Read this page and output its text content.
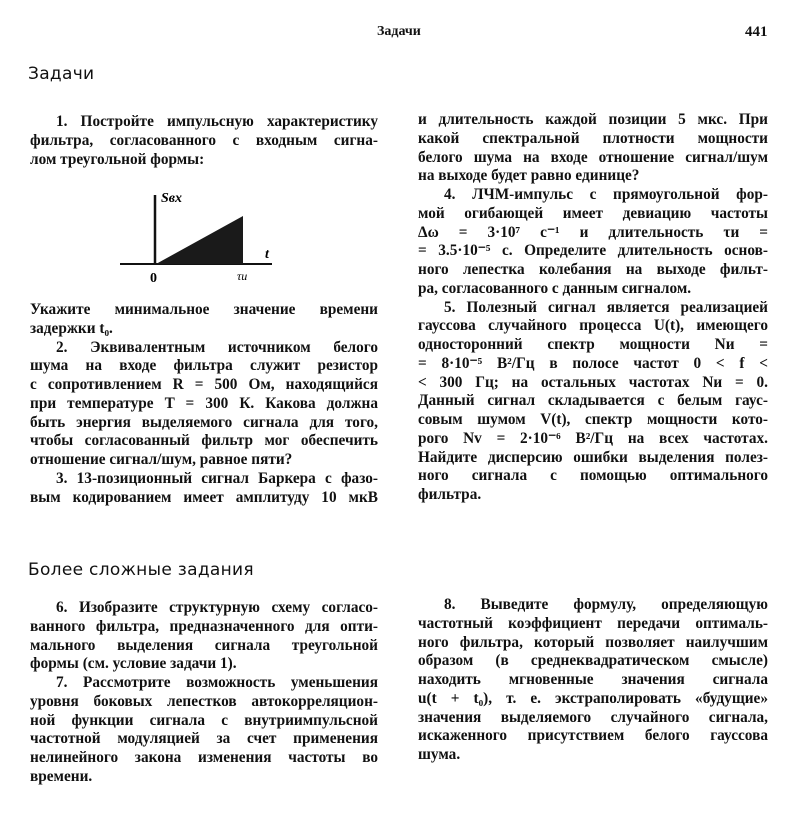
Задачи	441
Задачи
Более сложные задания
Sвх
t
0	τи
1. Постройте импульсную характеристику
фильтра, согласованного с входным сигна-
лом треугольной формы:
Укажите минимальное значение времени
задержки t₀.
2. Эквивалентным источником белого
шума на входе фильтра служит резистор
с сопротивлением R = 500 Ом, находящийся
при температуре T = 300 К. Какова должна
быть энергия выделяемого сигнала для того,
чтобы согласованный фильтр мог обеспечить
отношение сигнал/шум, равное пяти?
3. 13-позиционный сигнал Баркера с фазо-
вым кодированием имеет амплитуду 10 мкВ
и длительность каждой позиции 5 мкс. При
какой спектральной плотности мощности
белого шума на входе отношение сигнал/шум
на выходе будет равно единице?
4. ЛЧМ-импульс с прямоугольной фор-
мой огибающей имеет девиацию частоты
Δω = 3·10⁷ с⁻¹ и длительность τи =
= 3.5·10⁻⁵ с. Определите длительность основ-
ного лепестка колебания на выходе фильт-
ра, согласованного с данным сигналом.
5. Полезный сигнал является реализацией
гауссова случайного процесса U(t), имеющего
односторонний спектр мощности Nи =
= 8·10⁻⁵ В²/Гц в полосе частот 0 < f <
< 300 Гц; на остальных частотах Nи = 0.
Данный сигнал складывается с белым гаус-
совым шумом V(t), спектр мощности кото-
рого Nv = 2·10⁻⁶ В²/Гц на всех частотах.
Найдите дисперсию ошибки выделения полез-
ного сигнала с помощью оптимального
фильтра.
6. Изобразите структурную схему согласо-
ванного фильтра, предназначенного для опти-
мального выделения сигнала треугольной
формы (см. условие задачи 1).
7. Рассмотрите возможность уменьшения
уровня боковых лепестков автокорреляцион-
ной функции сигнала с внутриимпульсной
частотной модуляцией за счет применения
нелинейного закона изменения частоты во
времени.
8. Выведите формулу, определяющую
частотный коэффициент передачи оптималь-
ного фильтра, который позволяет наилучшим
образом (в среднеквадратическом смысле)
находить мгновенные значения сигнала
u(t + t₀), т. е. экстраполировать «будущие»
значения выделяемого случайного сигнала,
искаженного присутствием белого гауссова
шума.
